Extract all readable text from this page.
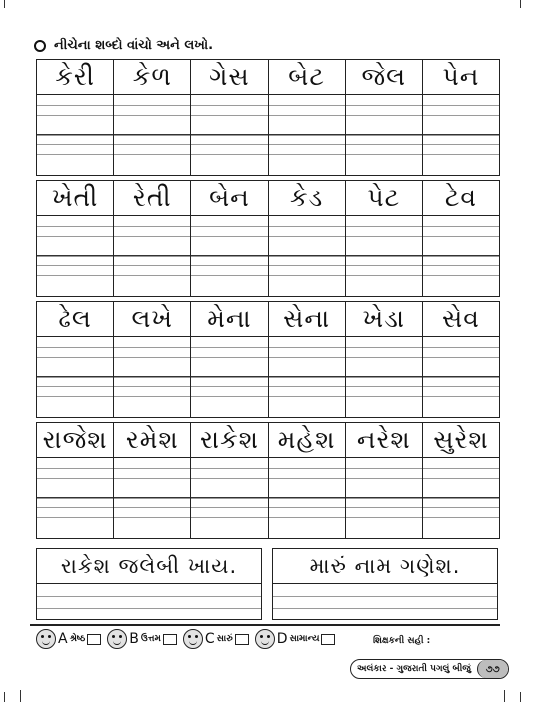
નીચેના શબ્દો વાંચો અને લખો.
કેરી	કેળ	ગેસ	બેટ	જેલ	પેન
ખેતી	રેતી	બેન	કેડ	પેટ	ટેવ
ઢેલ	લખે	મેના	સેના	ખેડા	સેવ
રાજેશ રમેશ રાકેશ મહેશ નરેશ સુરેશ
રાકેશ જલેબી ખાય.	મારું નામ ગણેશ.
A શ્રેષ્ઠ	B ઉત્તમ	C સારું	D સામાન્ય	શિક્ષકની સહી :
અલંકાર - ગુજરાતી પગલું બીજું	૭૭
